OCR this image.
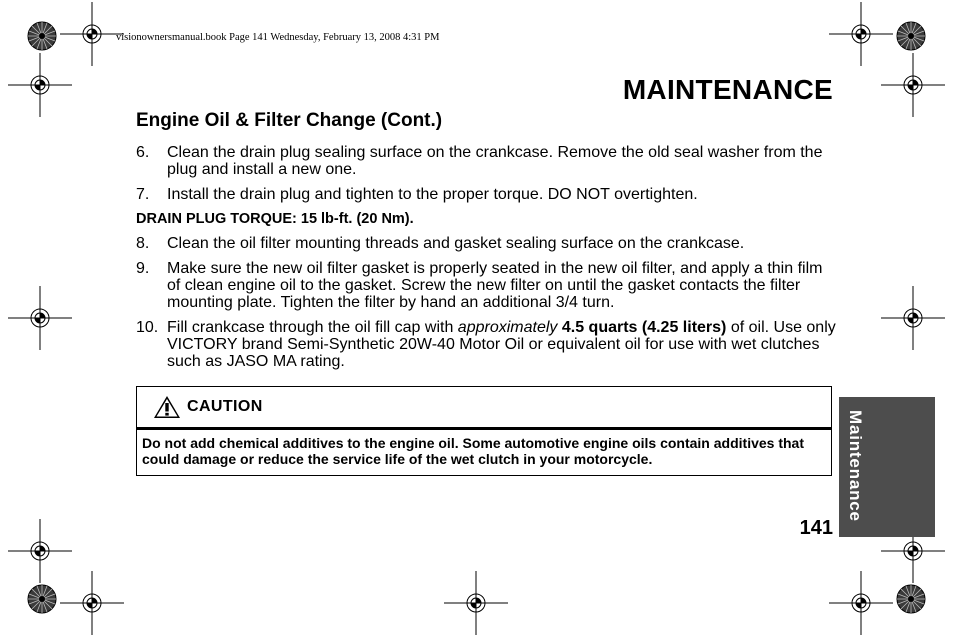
visionownersmanual.book Page 141 Wednesday, February 13, 2008 4:31 PM
MAINTENANCE
Engine Oil & Filter Change (Cont.)
6.	Clean the drain plug sealing surface on the crankcase. Remove the old seal washer from the plug and install a new one.
7.	Install the drain plug and tighten to the proper torque. DO NOT overtighten.
DRAIN PLUG TORQUE: 15 lb-ft. (20 Nm).
8.	Clean the oil filter mounting threads and gasket sealing surface on the crankcase.
9.	Make sure the new oil filter gasket is properly seated in the new oil filter, and apply a thin film of clean engine oil to the gasket. Screw the new filter on until the gasket contacts the filter mounting plate. Tighten the filter by hand an additional 3/4 turn.
10. Fill crankcase through the oil fill cap with approximately 4.5 quarts (4.25 liters) of oil. Use only VICTORY brand Semi-Synthetic 20W-40 Motor Oil or equivalent oil for use with wet clutches such as JASO MA rating.
CAUTION
Do not add chemical additives to the engine oil. Some automotive engine oils contain additives that could damage or reduce the service life of the wet clutch in your motorcycle.	Maintenance
141
